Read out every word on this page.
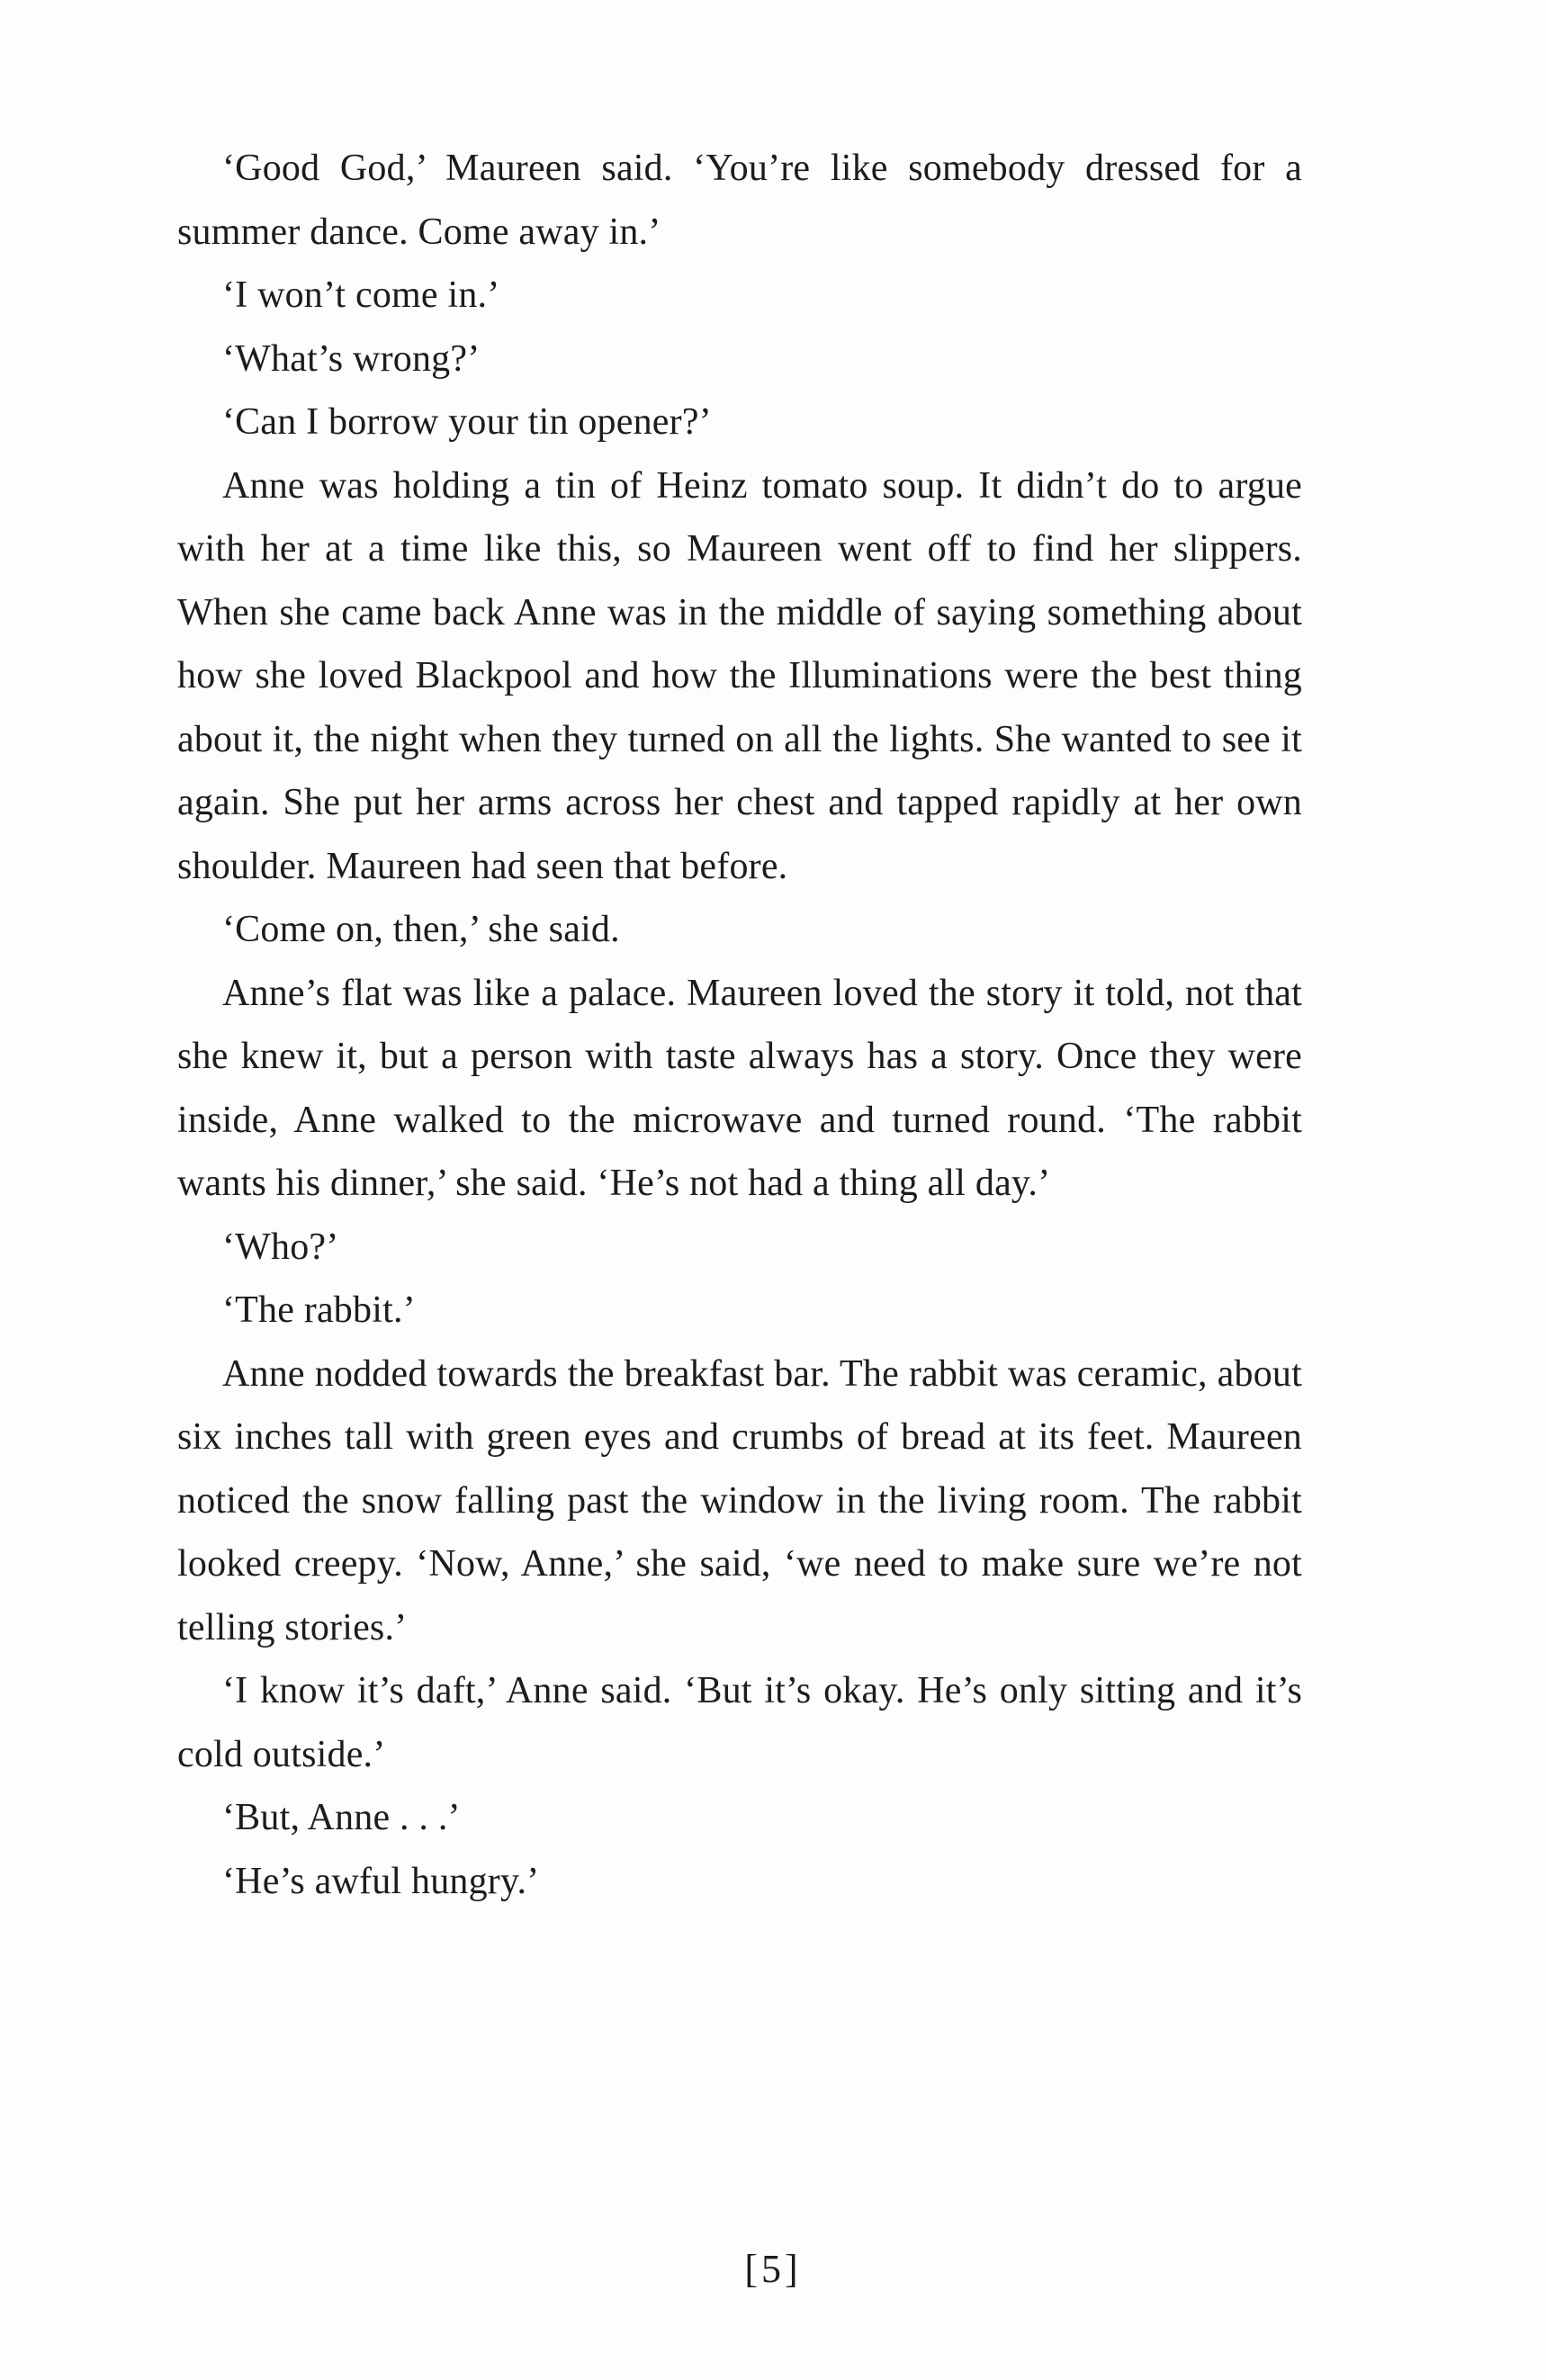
‘Good God,’ Maureen said. ‘You’re like somebody dressed for a summer dance. Come away in.’

‘I won’t come in.’

‘What’s wrong?’

‘Can I borrow your tin opener?’

Anne was holding a tin of Heinz tomato soup. It didn’t do to argue with her at a time like this, so Maureen went off to find her slippers. When she came back Anne was in the middle of saying something about how she loved Blackpool and how the Illuminations were the best thing about it, the night when they turned on all the lights. She wanted to see it again. She put her arms across her chest and tapped rapidly at her own shoulder. Maureen had seen that before.

‘Come on, then,’ she said.

Anne’s flat was like a palace. Maureen loved the story it told, not that she knew it, but a person with taste always has a story. Once they were inside, Anne walked to the microwave and turned round. ‘The rabbit wants his dinner,’ she said. ‘He’s not had a thing all day.’

‘Who?’

‘The rabbit.’

Anne nodded towards the breakfast bar. The rabbit was ceramic, about six inches tall with green eyes and crumbs of bread at its feet. Maureen noticed the snow falling past the window in the living room. The rabbit looked creepy. ‘Now, Anne,’ she said, ‘we need to make sure we’re not telling stories.’

‘I know it’s daft,’ Anne said. ‘But it’s okay. He’s only sitting and it’s cold outside.’

‘But, Anne . . .’

‘He’s awful hungry.’

[5]
